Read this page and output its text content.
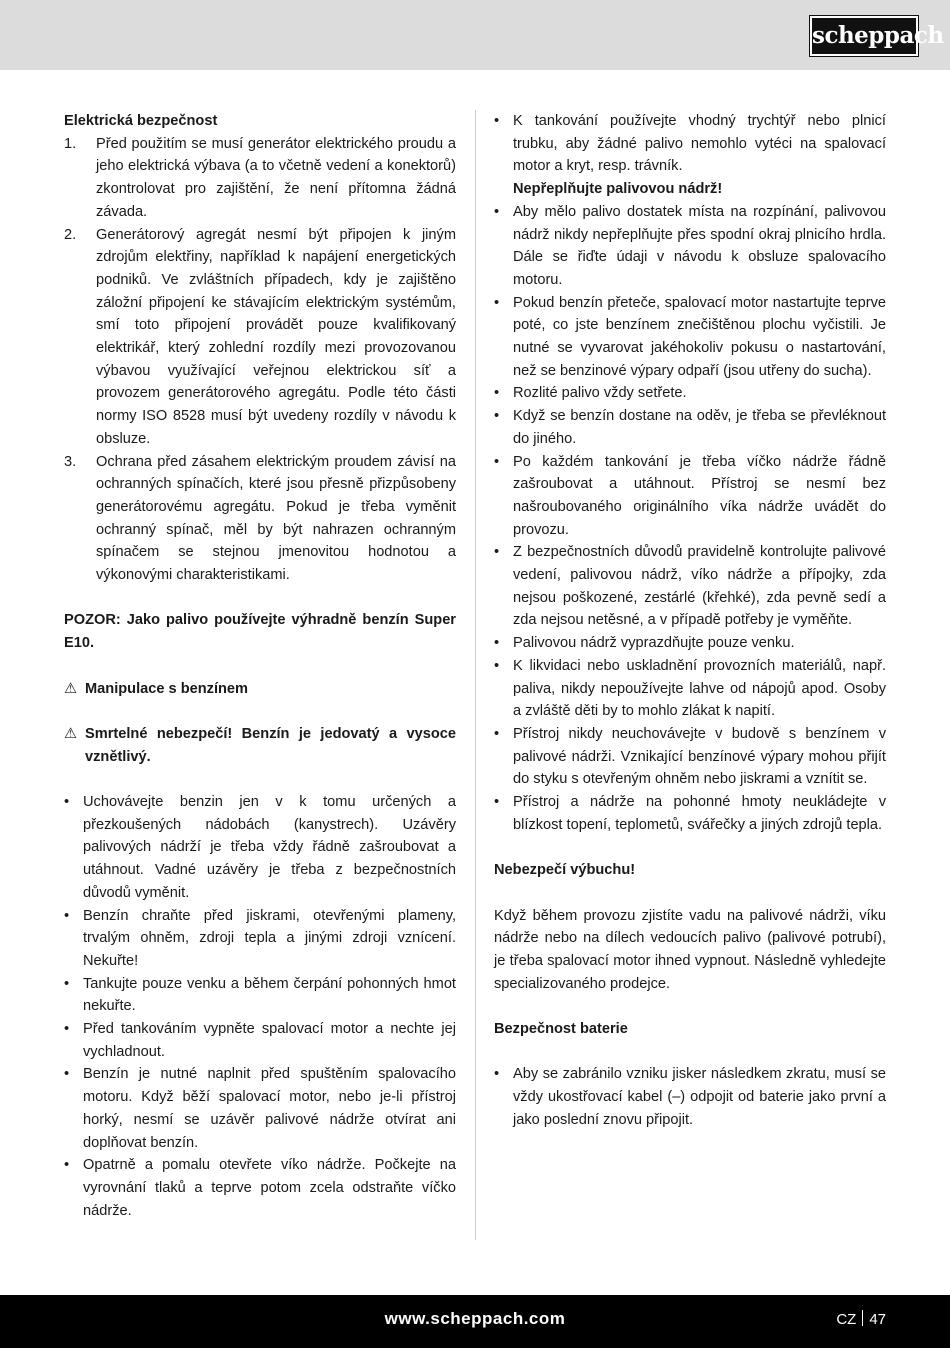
scheppach

Elektrická bezpečnost

1. Před použitím se musí generátor elektrického proudu a jeho elektrická výbava (a to včetně vedení a konektorů) zkontrolovat pro zajištění, že není přítomna žádná závada.
2. Generátorový agregát nesmí být připojen k jiným zdrojům elektřiny, například k napájení energetických podniků. Ve zvláštních případech, kdy je zajištěno záložní připojení ke stávajícím elektrickým systémům, smí toto připojení provádět pouze kvalifikovaný elektrikář, který zohlední rozdíly mezi provozovanou výbavou využívající veřejnou elektrickou síť a provozem generátorového agregátu. Podle této části normy ISO 8528 musí být uvedeny rozdíly v návodu k obsluze.
3. Ochrana před zásahem elektrickým proudem závisí na ochranných spínačích, které jsou přesně přizpůsobeny generátorovému agregátu. Pokud je třeba vyměnit ochranný spínač, měl by být nahrazen ochranným spínačem se stejnou jmenovitou hodnotou a výkonovými charakteristikami.

POZOR: Jako palivo používejte výhradně benzín Super E10.

⚠ Manipulace s benzínem
⚠ Smrtelné nebezpečí! Benzín je jedovatý a vysoce vznětlivý.
• Uchovávejte benzin jen v k tomu určených a přezkoušených nádobách (kanystrech). Uzávěry palivových nádrží je třeba vždy řádně zašroubovat a utáhnout. Vadné uzávěry je třeba z bezpečnostních důvodů vyměnit.
• Benzín chraňte před jiskrami, otevřenými plameny, trvalým ohněm, zdroji tepla a jinými zdroji vznícení. Nekuřte!
• Tankujte pouze venku a během čerpání pohonných hmot nekuřte.
• Před tankováním vypněte spalovací motor a nechte jej vychladnout.
• Benzín je nutné naplnit před spuštěním spalovacího motoru. Když běží spalovací motor, nebo je-li přístroj horký, nesmí se uzávěr palivové nádrže otvírat ani doplňovat benzín.
• Opatrně a pomalu otevřete víko nádrže. Počkejte na vyrovnání tlaků a teprve potom zcela odstraňte víčko nádrže.
• K tankování používejte vhodný trychtýř nebo plnicí trubku, aby žádné palivo nemohlo vytéci na spalovací motor a kryt, resp. trávník.

Nepřeplňujte palivovou nádrž!

• Aby mělo palivo dostatek místa na rozpínání, palivovou nádrž nikdy nepřeplňujte přes spodní okraj plnicího hrdla. Dále se řiďte údaji v návodu k obsluze spalovacího motoru.
• Pokud benzín přeteče, spalovací motor nastartujte teprve poté, co jste benzínem znečištěnou plochu vyčistili. Je nutné se vyvarovat jakéhokoliv pokusu o nastartování, než se benzinové výpary odpaří (jsou utřeny do sucha).
• Rozlité palivo vždy setřete.
• Když se benzín dostane na oděv, je třeba se převléknout do jiného.
• Po každém tankování je třeba víčko nádrže řádně zašroubovat a utáhnout. Přístroj se nesmí bez našroubovaného originálního víka nádrže uvádět do provozu.
• Z bezpečnostních důvodů pravidelně kontrolujte palivové vedení, palivovou nádrž, víko nádrže a přípojky, zda nejsou poškozené, zestárlé (křehké), zda pevně sedí a zda nejsou netěsné, a v případě potřeby je vyměňte.
• Palivovou nádrž vyprazdňujte pouze venku.
• K likvidaci nebo uskladnění provozních materiálů, např. paliva, nikdy nepoužívejte lahve od nápojů apod. Osoby a zvláště děti by to mohlo zlákat k napití.
• Přístroj nikdy neuchovávejte v budově s benzínem v palivové nádrži. Vznikající benzínové výpary mohou přijít do styku s otevřeným ohněm nebo jiskrami a vznítit se.
• Přístroj a nádrže na pohonné hmoty neukládejte v blízkost topení, teplometů, svářečky a jiných zdrojů tepla.

Nebezpečí výbuchu!

Když během provozu zjistíte vadu na palivové nádrži, víku nádrže nebo na dílech vedoucích palivo (palivové potrubí), je třeba spalovací motor ihned vypnout. Následně vyhledejte specializovaného prodejce.

Bezpečnost baterie

• Aby se zabránilo vzniku jisker následkem zkratu, musí se vždy ukostřovací kabel (–) odpojit od baterie jako první a jako poslední znovu připojit.
www.scheppach.com	CZ 47
